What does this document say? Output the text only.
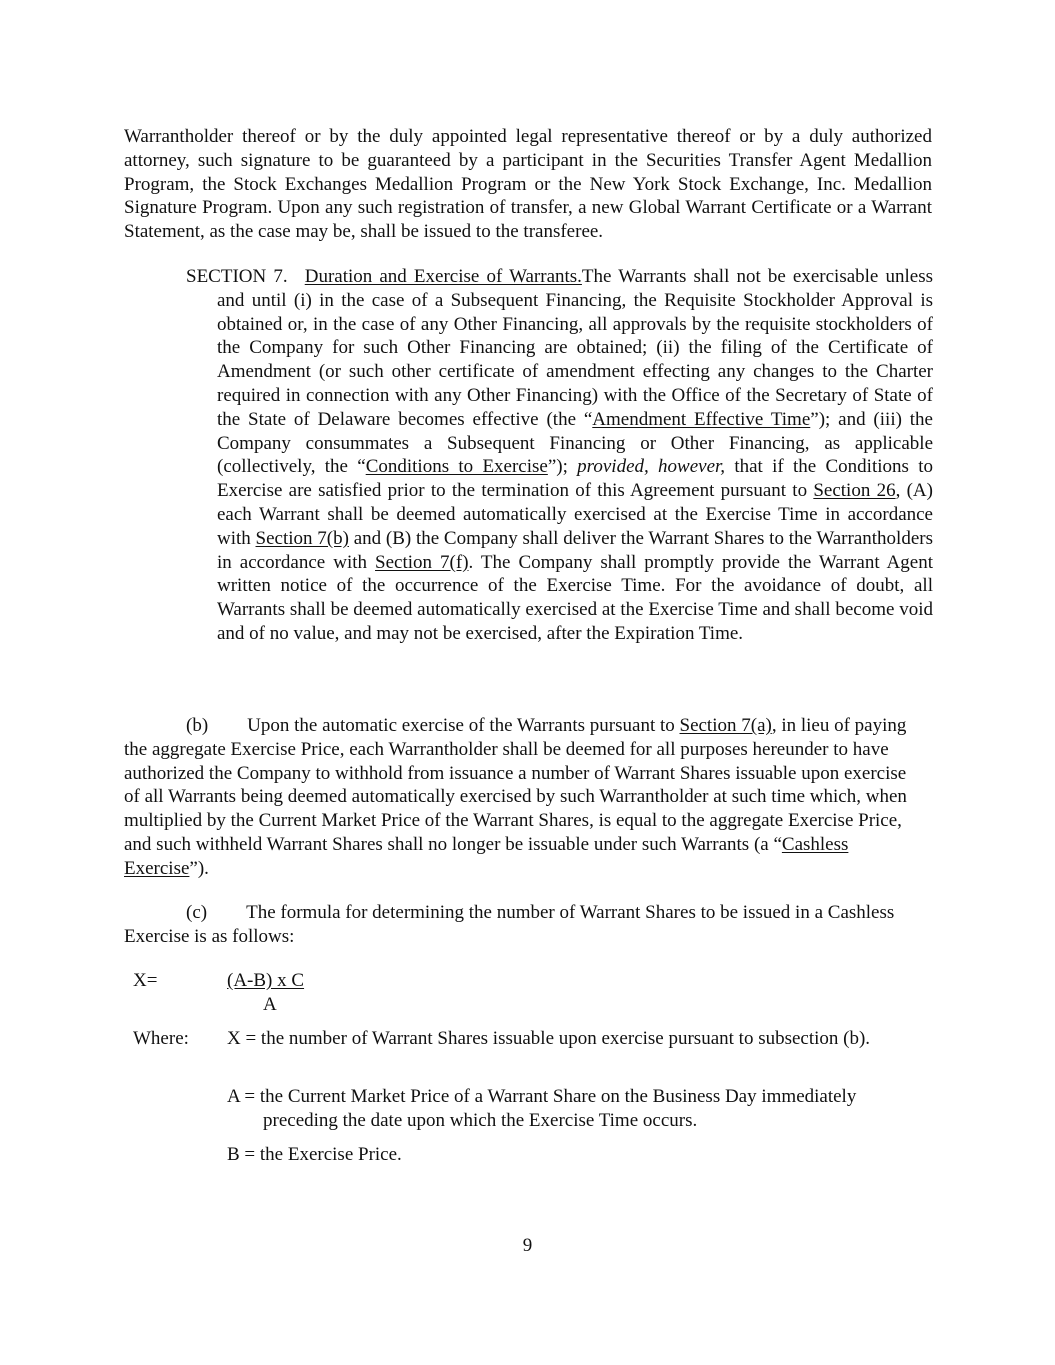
Warrantholder thereof or by the duly appointed legal representative thereof or by a duly authorized attorney, such signature to be guaranteed by a participant in the Securities Transfer Agent Medallion Program, the Stock Exchanges Medallion Program or the New York Stock Exchange, Inc. Medallion Signature Program. Upon any such registration of transfer, a new Global Warrant Certificate or a Warrant Statement, as the case may be, shall be issued to the transferee.

SECTION 7. Duration and Exercise of Warrants.The Warrants shall not be exercisable unless and until (i) in the case of a Subsequent Financing, the Requisite Stockholder Approval is obtained or, in the case of any Other Financing, all approvals by the requisite stockholders of the Company for such Other Financing are obtained; (ii) the filing of the Certificate of Amendment (or such other certificate of amendment effecting any changes to the Charter required in connection with any Other Financing) with the Office of the Secretary of State of the State of Delaware becomes effective (the “Amendment Effective Time”); and (iii) the Company consummates a Subsequent Financing or Other Financing, as applicable (collectively, the “Conditions to Exercise”); provided, however, that if the Conditions to Exercise are satisfied prior to the termination of this Agreement pursuant to Section 26, (A) each Warrant shall be deemed automatically exercised at the Exercise Time in accordance with Section 7(b) and (B) the Company shall deliver the Warrant Shares to the Warrantholders in accordance with Section 7(f). The Company shall promptly provide the Warrant Agent written notice of the occurrence of the Exercise Time. For the avoidance of doubt, all Warrants shall be deemed automatically exercised at the Exercise Time and shall become void and of no value, and may not be exercised, after the Expiration Time.

(b) Upon the automatic exercise of the Warrants pursuant to Section 7(a), in lieu of paying the aggregate Exercise Price, each Warrantholder shall be deemed for all purposes hereunder to have authorized the Company to withhold from issuance a number of Warrant Shares issuable upon exercise of all Warrants being deemed automatically exercised by such Warrantholder at such time which, when multiplied by the Current Market Price of the Warrant Shares, is equal to the aggregate Exercise Price, and such withheld Warrant Shares shall no longer be issuable under such Warrants (a “Cashless Exercise”).

(c) The formula for determining the number of Warrant Shares to be issued in a Cashless Exercise is as follows:

X=	(A-B) x C
A
Where: X = the number of Warrant Shares issuable upon exercise pursuant to subsection (b).
A = the Current Market Price of a Warrant Share on the Business Day immediately preceding the date upon which the Exercise Time occurs.
B = the Exercise Price.
9
